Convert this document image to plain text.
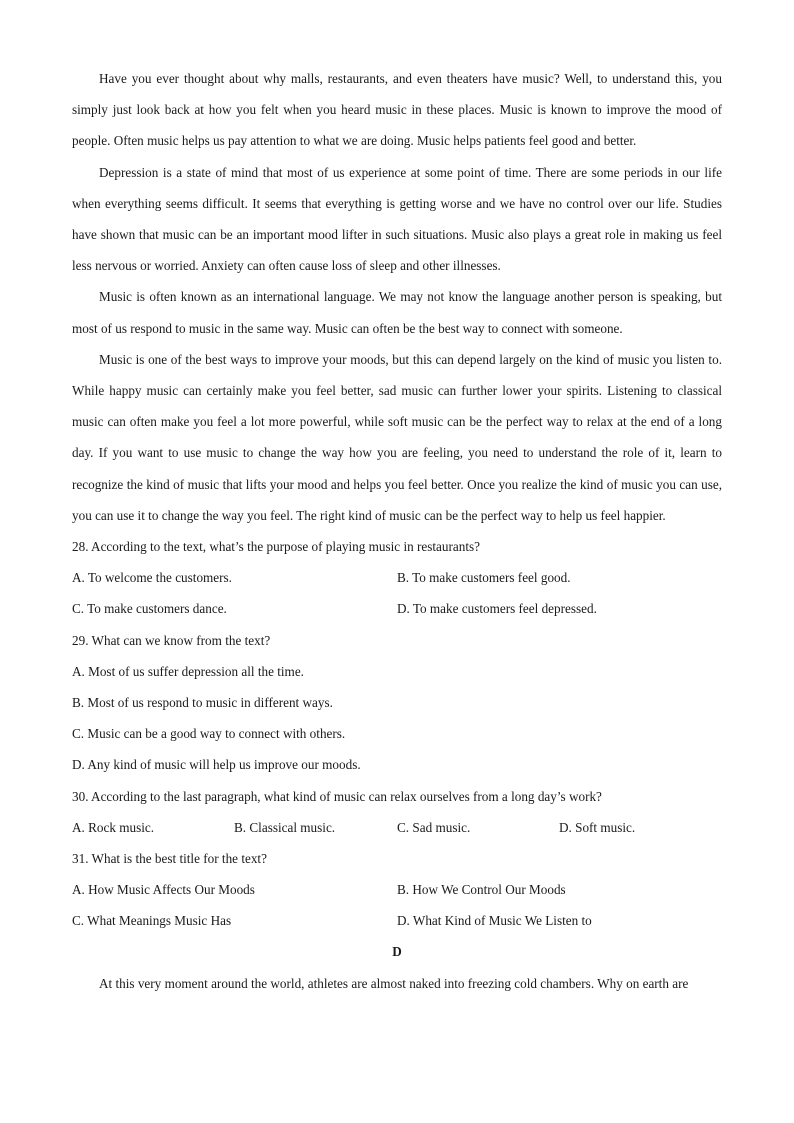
Have you ever thought about why malls, restaurants, and even theaters have music? Well, to understand this, you simply just look back at how you felt when you heard music in these places. Music is known to improve the mood of people. Often music helps us pay attention to what we are doing. Music helps patients feel good and better.

Depression is a state of mind that most of us experience at some point of time. There are some periods in our life when everything seems difficult. It seems that everything is getting worse and we have no control over our life. Studies have shown that music can be an important mood lifter in such situations. Music also plays a great role in making us feel less nervous or worried. Anxiety can often cause loss of sleep and other illnesses.

Music is often known as an international language. We may not know the language another person is speaking, but most of us respond to music in the same way. Music can often be the best way to connect with someone.

Music is one of the best ways to improve your moods, but this can depend largely on the kind of music you listen to. While happy music can certainly make you feel better, sad music can further lower your spirits. Listening to classical music can often make you feel a lot more powerful, while soft music can be the perfect way to relax at the end of a long day. If you want to use music to change the way how you are feeling, you need to understand the role of it, learn to recognize the kind of music that lifts your mood and helps you feel better. Once you realize the kind of music you can use, you can use it to change the way you feel. The right kind of music can be the perfect way to help us feel happier.

28. According to the text, what’s the purpose of playing music in restaurants?
A. To welcome the customers.	B. To make customers feel good.
C. To make customers dance.	D. To make customers feel depressed.
29. What can we know from the text?
A. Most of us suffer depression all the time.
B. Most of us respond to music in different ways.
C. Music can be a good way to connect with others.
D. Any kind of music will help us improve our moods.
30. According to the last paragraph, what kind of music can relax ourselves from a long day’s work?
A. Rock music.	B. Classical music.	C. Sad music.	D. Soft music.
31. What is the best title for the text?
A. How Music Affects Our Moods	B. How We Control Our Moods
C. What Meanings Music Has	D. What Kind of Music We Listen to
D

At this very moment around the world, athletes are almost naked into freezing cold chambers. Why on earth are
